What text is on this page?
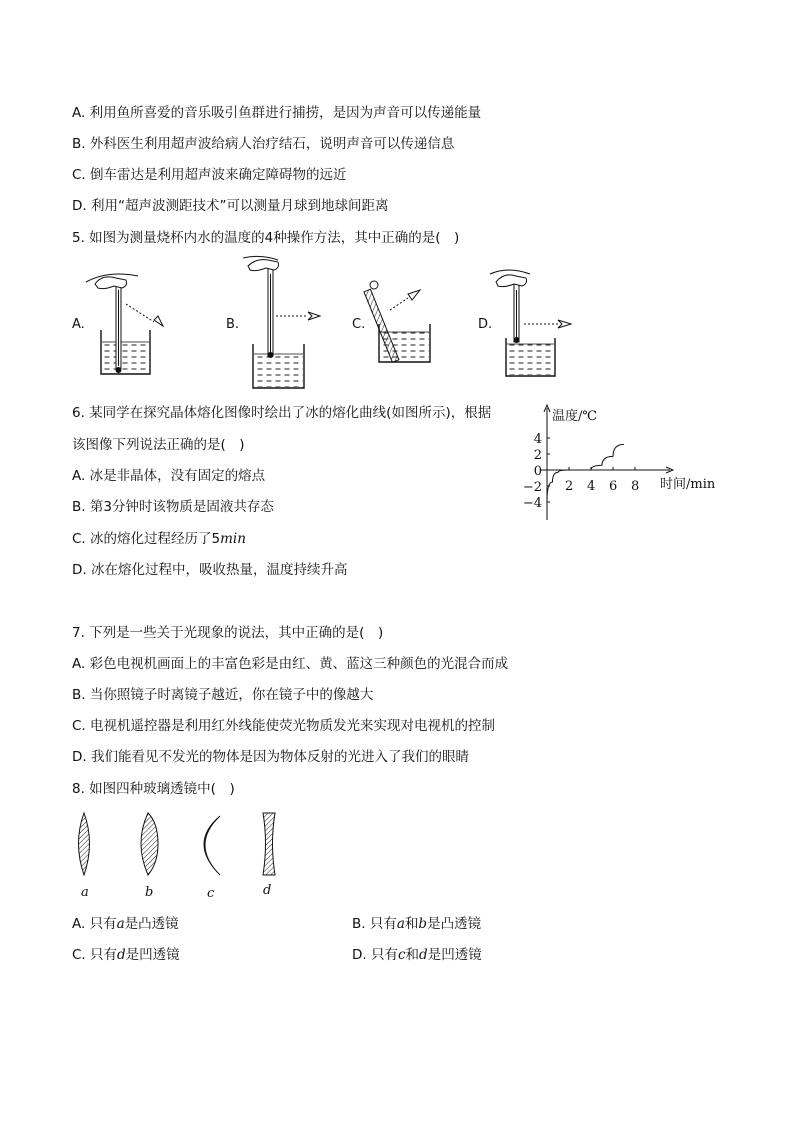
A. 利用鱼所喜爱的音乐吸引鱼群进行捕捞，是因为声音可以传递能量
B. 外科医生利用超声波给病人治疗结石，说明声音可以传递信息
C. 倒车雷达是利用超声波来确定障碍物的远近
D. 利用“超声波测距技术”可以测量月球到地球间距离
5. 如图为测量烧杯内水的温度的4种操作方法，其中正确的是(　)
A.	B.	C.	D.
6. 某同学在探究晶体熔化图像时绘出了冰的熔化曲线(如图所示)，根据
该图像下列说法正确的是(　)
A. 冰是非晶体，没有固定的熔点
B. 第3分钟时该物质是固液共存态
C. 冰的熔化过程经历了5min
D. 冰在熔化过程中，吸收热量，温度持续升高
温度/℃
时间/min
2 4 6 8
4
2
0
−2
−4
7. 下列是一些关于光现象的说法，其中正确的是(　)
A. 彩色电视机画面上的丰富色彩是由红、黄、蓝这三种颜色的光混合而成
B. 当你照镜子时离镜子越近，你在镜子中的像越大
C. 电视机遥控器是利用红外线能使荧光物质发光来实现对电视机的控制
D. 我们能看见不发光的物体是因为物体反射的光进入了我们的眼睛
8. 如图四种玻璃透镜中(　)
a	b	c	d
A. 只有a是凸透镜	B. 只有a和b是凸透镜
C. 只有d是凹透镜	D. 只有c和d是凹透镜
